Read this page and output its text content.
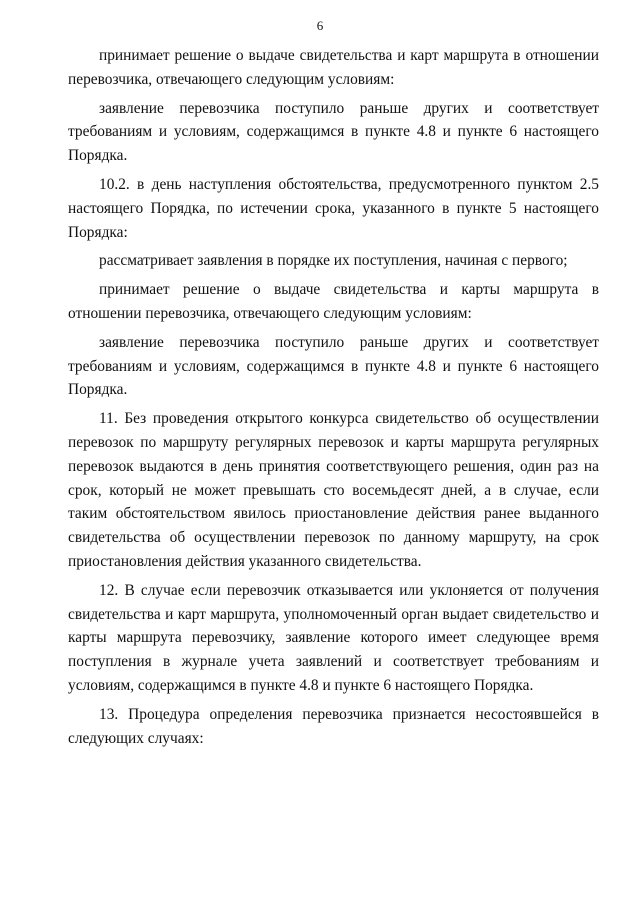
6

принимает решение о выдаче свидетельства и карт маршрута в отношении перевозчика, отвечающего следующим условиям:

заявление перевозчика поступило раньше других и соответствует требованиям и условиям, содержащимся в пункте 4.8 и пункте 6 настоящего Порядка.

10.2. в день наступления обстоятельства, предусмотренного пунктом 2.5 настоящего Порядка, по истечении срока, указанного в пункте 5 настоящего Порядка:

рассматривает заявления в порядке их поступления, начиная с первого;

принимает решение о выдаче свидетельства и карты маршрута в отношении перевозчика, отвечающего следующим условиям:

заявление перевозчика поступило раньше других и соответствует требованиям и условиям, содержащимся в пункте 4.8 и пункте 6 настоящего Порядка.

11. Без проведения открытого конкурса свидетельство об осуществлении перевозок по маршруту регулярных перевозок и карты маршрута регулярных перевозок выдаются в день принятия соответствующего решения, один раз на срок, который не может превышать сто восемьдесят дней, а в случае, если таким обстоятельством явилось приостановление действия ранее выданного свидетельства об осуществлении перевозок по данному маршруту, на срок приостановления действия указанного свидетельства.

12. В случае если перевозчик отказывается или уклоняется от получения свидетельства и карт маршрута, уполномоченный орган выдает свидетельство и карты маршрута перевозчику, заявление которого имеет следующее время поступления в журнале учета заявлений и соответствует требованиям и условиям, содержащимся в пункте 4.8 и пункте 6 настоящего Порядка.

13. Процедура определения перевозчика признается несостоявшейся в следующих случаях:
